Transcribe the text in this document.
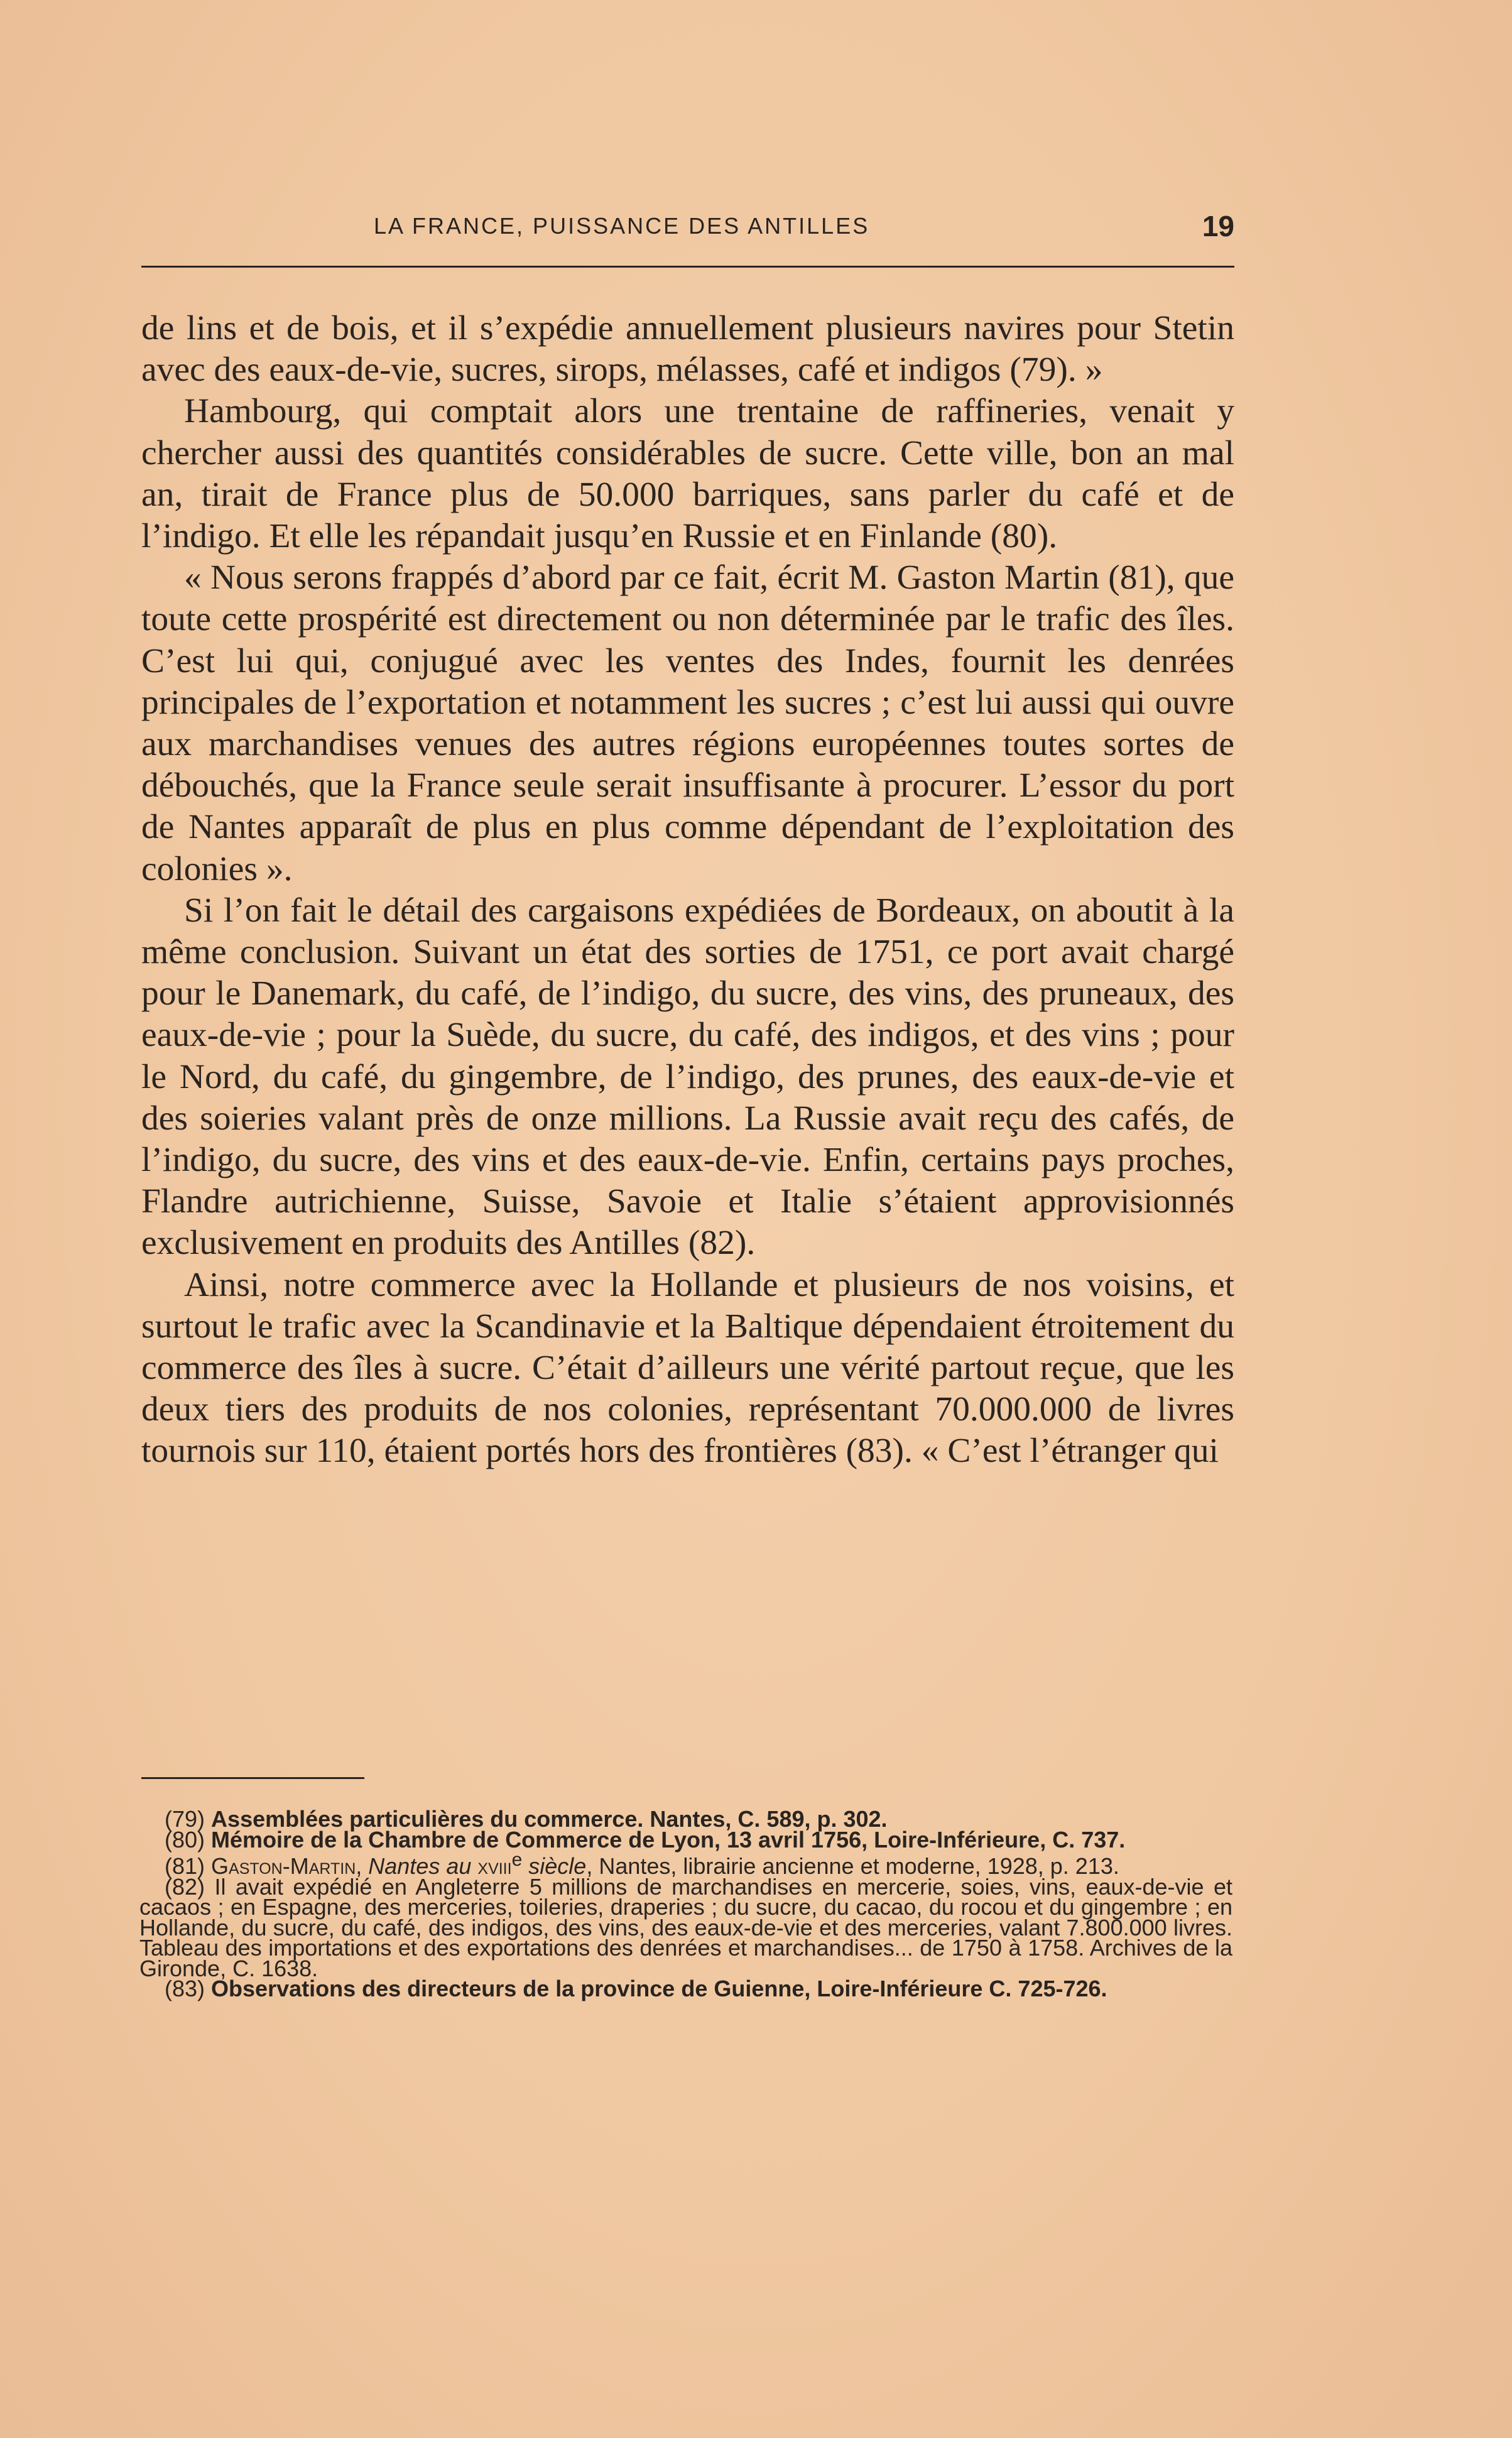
LA FRANCE, PUISSANCE DES ANTILLES	19

de lins et de bois, et il s’expédie annuellement plusieurs navires pour Stetin avec des eaux-de-vie, sucres, sirops, mélasses, café et indigos (79). »

Hambourg, qui comptait alors une trentaine de raffineries, venait y chercher aussi des quantités considérables de sucre. Cette ville, bon an mal an, tirait de France plus de 50.000 barriques, sans parler du café et de l’indigo. Et elle les répandait jusqu’en Russie et en Finlande (80).

« Nous serons frappés d’abord par ce fait, écrit M. Gaston Martin (81), que toute cette prospérité est directement ou non déterminée par le trafic des îles. C’est lui qui, conjugué avec les ventes des Indes, fournit les denrées principales de l’exportation et notamment les sucres ; c’est lui aussi qui ouvre aux marchandises venues des autres régions européennes toutes sortes de débouchés, que la France seule serait insuffisante à procurer. L’essor du port de Nantes apparaît de plus en plus comme dépendant de l’exploitation des colonies ».

Si l’on fait le détail des cargaisons expédiées de Bordeaux, on aboutit à la même conclusion. Suivant un état des sorties de 1751, ce port avait chargé pour le Danemark, du café, de l’indigo, du sucre, des vins, des pruneaux, des eaux-de-vie ; pour la Suède, du sucre, du café, des indigos, et des vins ; pour le Nord, du café, du gingembre, de l’indigo, des prunes, des eaux-de-vie et des soieries valant près de onze millions. La Russie avait reçu des cafés, de l’indigo, du sucre, des vins et des eaux-de-vie. Enfin, certains pays proches, Flandre autrichienne, Suisse, Savoie et Italie s’étaient approvisionnés exclusivement en produits des Antilles (82).

Ainsi, notre commerce avec la Hollande et plusieurs de nos voisins, et surtout le trafic avec la Scandinavie et la Baltique dépendaient étroitement du commerce des îles à sucre. C’était d’ailleurs une vérité partout reçue, que les deux tiers des produits de nos colonies, représentant 70.000.000 de livres tournois sur 110, étaient portés hors des frontières (83). « C’est l’étranger qui

(79) Assemblées particulières du commerce. Nantes, C. 589, p. 302.

(80) Mémoire de la Chambre de Commerce de Lyon, 13 avril 1756, Loire-Inférieure, C. 737.

(81) Gaston-Martin, Nantes au xviii$^e$ siècle, Nantes, librairie ancienne et moderne, 1928, p. 213.

(82) Il avait expédié en Angleterre 5 millions de marchandises en mercerie, soies, vins, eaux-de-vie et cacaos ; en Espagne, des merceries, toileries, draperies ; du sucre, du cacao, du rocou et du gingembre ; en Hollande, du sucre, du café, des indigos, des vins, des eaux-de-vie et des merceries, valant 7.800.000 livres. Tableau des importations et des exportations des denrées et marchandises... de 1750 à 1758. Archives de la Gironde, C. 1638.

(83) Observations des directeurs de la province de Guienne, Loire-Inférieure C. 725-726.
